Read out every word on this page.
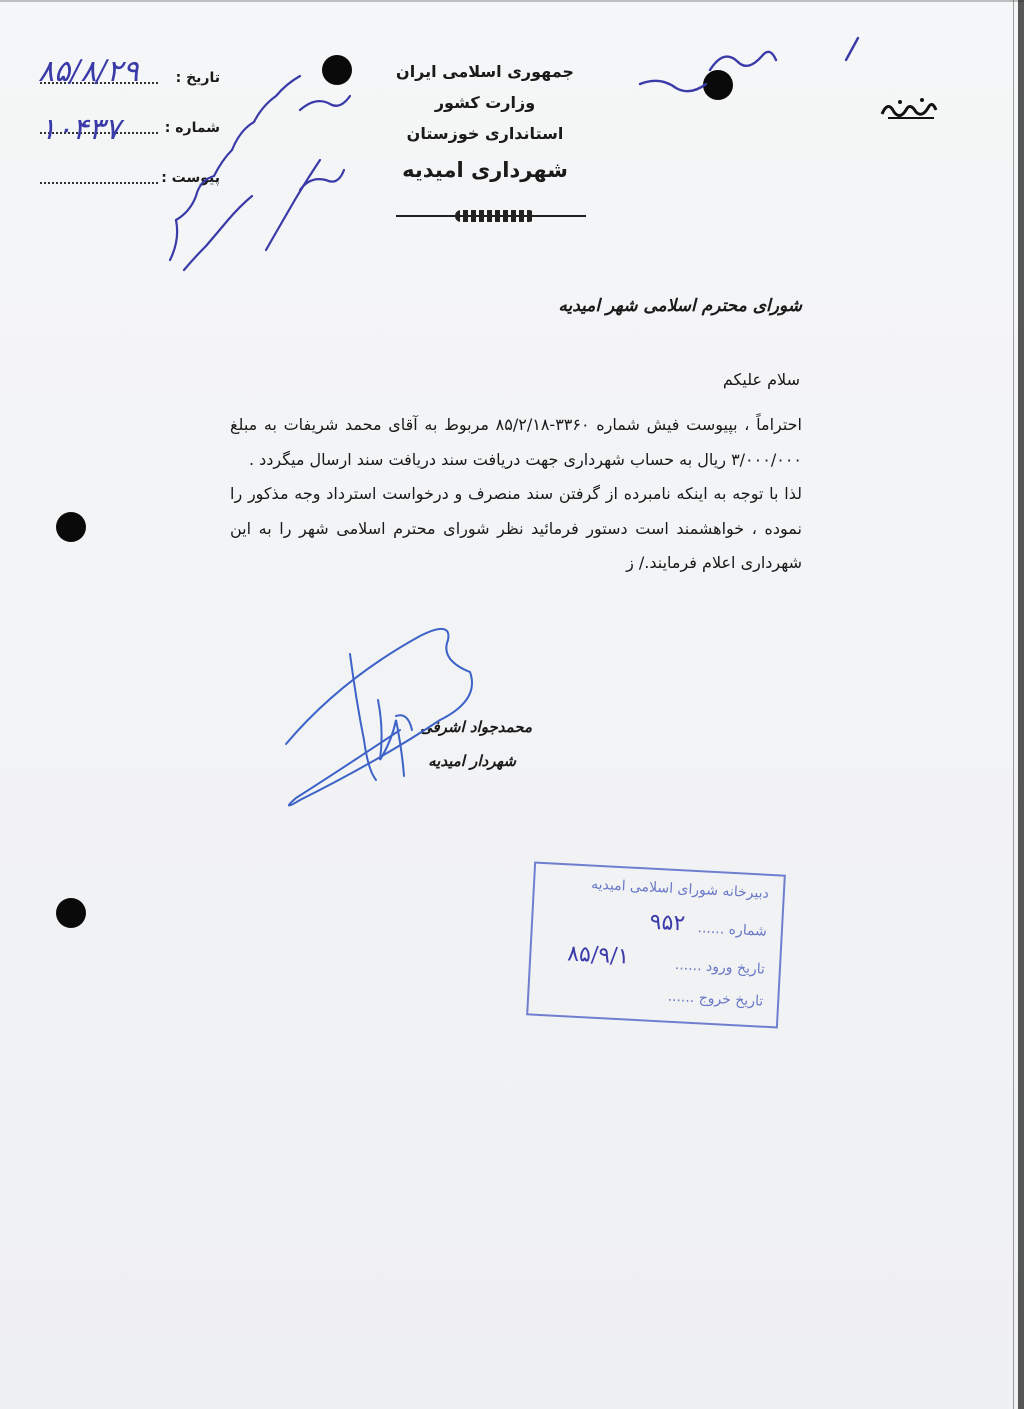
جمهوری اسلامی ایران
وزارت کشور
استانداری خوزستان
شهرداری امیدیه
تاریخ :
شماره :
پیوست :
۸۵/۸/۲۹
۱۰۴۳۷
شورای محترم اسلامی شهر امیدیه
سلام علیکم

احتراماً ، بپیوست فیش شماره ۳۳۶۰-۸۵/۲/۱۸ مربوط به آقای محمد شریفات به مبلغ ۳/۰۰۰/۰۰۰ ریال به حساب شهرداری جهت دریافت سند دریافت سند ارسال میگردد .

لذا با توجه به اینکه نامبرده از گرفتن سند منصرف و درخواست استرداد وجه مذکور را نموده ، خواهشمند است دستور فرمائید نظر شورای محترم اسلامی شهر را به این شهرداری اعلام فرمایند./ ز

محمدجواد اشرفی
شهردار امیدیه
دبیرخانه شورای اسلامی امیدیه
شماره ......
۹۵۲
تاریخ ورود ......
۸۵/۹/۱
تاریخ خروج ......
